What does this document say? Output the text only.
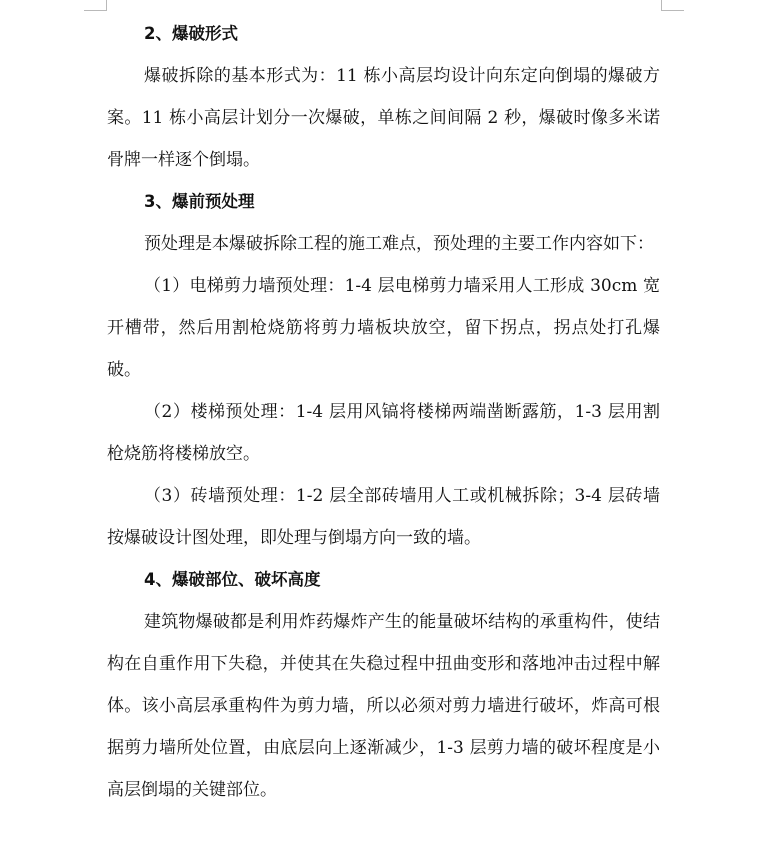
2、爆破形式

爆破拆除的基本形式为：11 栋小高层均设计向东定向倒塌的爆破方案。11 栋小高层计划分一次爆破，单栋之间间隔 2 秒，爆破时像多米诺骨牌一样逐个倒塌。

3、爆前预处理

预处理是本爆破拆除工程的施工难点，预处理的主要工作内容如下：

（1）电梯剪力墙预处理：1-4 层电梯剪力墙采用人工形成 30cm 宽开槽带，然后用割枪烧筋将剪力墙板块放空，留下拐点，拐点处打孔爆破。

（2）楼梯预处理：1-4 层用风镐将楼梯两端凿断露筋，1-3 层用割枪烧筋将楼梯放空。

（3）砖墙预处理：1-2 层全部砖墙用人工或机械拆除；3-4 层砖墙按爆破设计图处理，即处理与倒塌方向一致的墙。

4、爆破部位、破坏高度

建筑物爆破都是利用炸药爆炸产生的能量破坏结构的承重构件，使结构在自重作用下失稳，并使其在失稳过程中扭曲变形和落地冲击过程中解体。该小高层承重构件为剪力墙，所以必须对剪力墙进行破坏，炸高可根据剪力墙所处位置，由底层向上逐渐减少，1-3 层剪力墙的破坏程度是小高层倒塌的关键部位。
